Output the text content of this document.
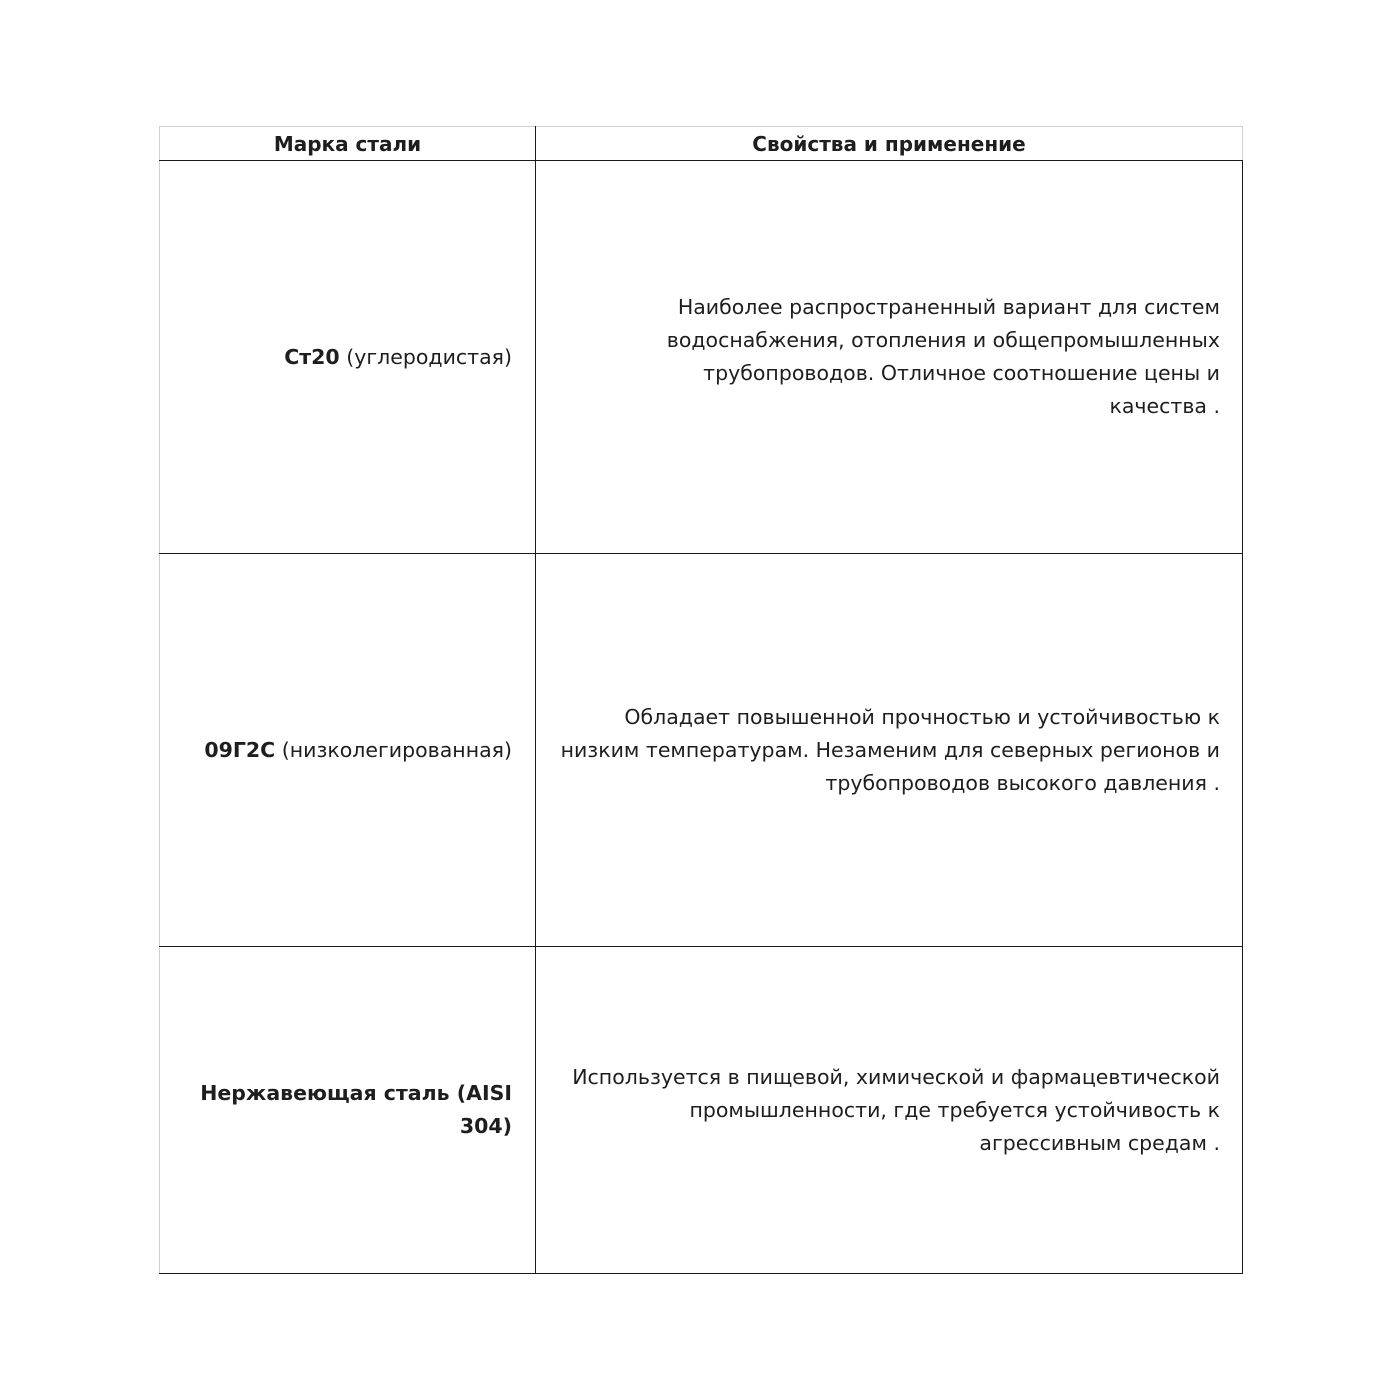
Марка стали	Свойства и применение
Ст20 (углеродистая)	Наиболее распространенный вариант для систем водоснабжения, отопления и общепромышленных трубопроводов. Отличное соотношение цены и качества .

09Г2С (низколегированная)	Обладает повышенной прочностью и устойчивостью к низким температурам. Незаменим для северных регионов и трубопроводов высокого давления .

Нержавеющая сталь (AISI 304)	Используется в пищевой, химической и фармацевтической промышленности, где требуется устойчивость к агрессивным средам .
